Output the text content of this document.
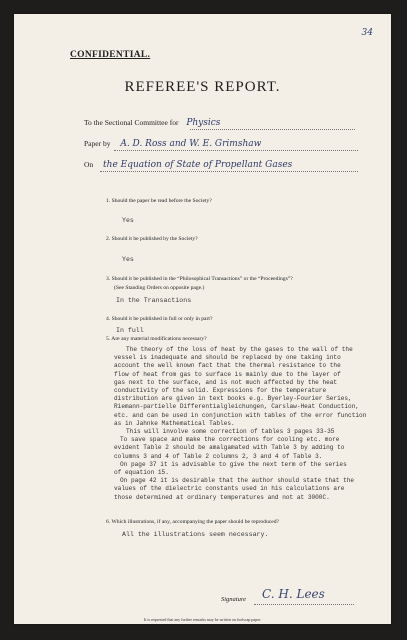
34
CONFIDENTIAL.
REFEREE'S REPORT.
To the Sectional Committee for Physics
Paper by A. D. Ross and W. E. Grimshaw
On the Equation of State of Propellant Gases
1. Should the paper be read before the Society?
Yes
2. Should it be published by the Society?
Yes
3. Should it be published in the “Philosophical Transactions” or the “Proceedings”?
(See Standing Orders on opposite page.)
In the Transactions
4. Should it be published in full or only in part?
In full
5. Are any material modifications necessary?
The theory of the loss of heat by the gases to the wall of the
vessel is inadequate and should be replaced by one taking into
account the well known fact that the thermal resistance to the
flow of heat from gas to surface is mainly due to the layer of
gas next to the surface, and is not much affected by the heat
conductivity of the solid. Expressions for the temperature
distribution are given in text books e.g. Byerley-Fourier Series,
Riemann-partielle Differentialgleichungen, Carslaw-Heat Conduction,
etc. and can be used in conjunction with tables of the error function
as in Jahnke Mathematical Tables.
This will involve some correction of tables 3 pages 33-35
To save space and make the corrections for cooling etc. more
evident Table 2 should be amalgamated with Table 3 by adding to
columns 3 and 4 of Table 2 columns 2, 3 and 4 of Table 3.
On page 37 it is advisable to give the next term of the series
of equation 15.
On page 42 it is desirable that the author should state that the
values of the dielectric constants used in his calculations are
those determined at ordinary temperatures and not at 3000C.
6. Which illustrations, if any, accompanying the paper should be reproduced?
All the illustrations seem necessary.
Signature C. H. Lees
It is requested that any further remarks may be written on foolscap paper.
